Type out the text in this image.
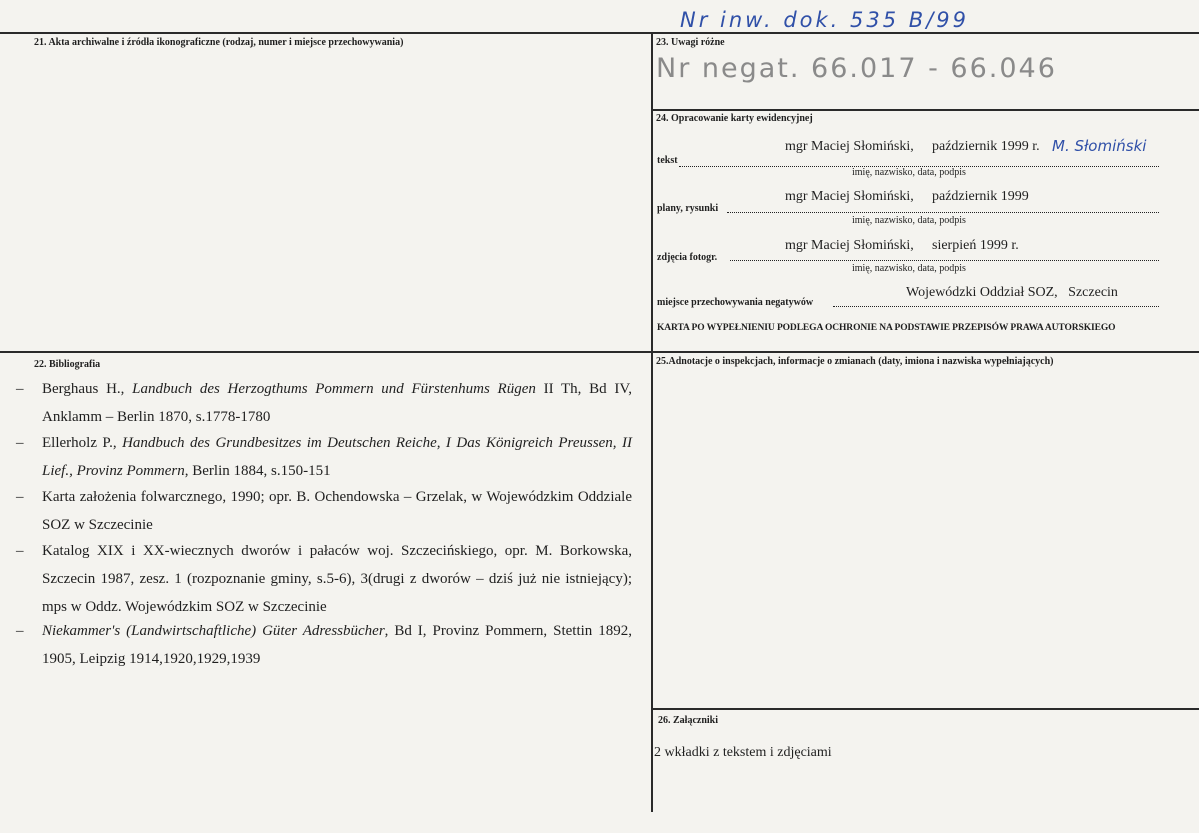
Nr inw. dok. 535 B/99
21. Akta archiwalne i źródła ikonograficzne (rodzaj, numer i miejsce przechowywania)	23. Uwagi różne
Nr negat. 66.017 - 66.046
24. Opracowanie karty ewidencyjnej
tekst
mgr Maciej Słomiński, październik 1999 r. M. Słomiński
imię, nazwisko, data, podpis
plany, rysunki
mgr Maciej Słomiński, październik 1999
imię, nazwisko, data, podpis
zdjęcia fotogr.
mgr Maciej Słomiński, sierpień 1999 r.
imię, nazwisko, data, podpis
miejsce przechowywania negatywów
Wojewódzki Oddział SOZ,   Szczecin
KARTA PO WYPEŁNIENIU PODLEGA OCHRONIE NA PODSTAWIE PRZEPISÓW PRAWA AUTORSKIEGO
22. Bibliografia
– Berghaus H., Landbuch des Herzogthums Pommern und Fürstenhums Rügen II Th, Bd IV, Anklamm – Berlin 1870, s.1778-1780
– Ellerholz P., Handbuch des Grundbesitzes im Deutschen Reiche, I Das Königreich Preussen, II Lief., Provinz Pommern, Berlin 1884, s.150-151
– Karta założenia folwarcznego, 1990; opr. B. Ochendowska – Grzelak, w Wojewódzkim Oddziale SOZ w Szczecinie
– Katalog XIX i XX-wiecznych dworów i pałaców woj. Szczecińskiego, opr. M. Borkowska, Szczecin 1987, zesz. 1 (rozpoznanie gminy, s.5-6), 3(drugi z dworów – dziś już nie istniejący); mps w Oddz. Wojewódzkim SOZ w Szczecinie
– Niekammer's (Landwirtschaftliche) Güter Adressbücher, Bd I, Provinz Pommern, Stettin 1892, 1905, Leipzig 1914,1920,1929,1939
25.Adnotacje o inspekcjach, informacje o zmianach (daty, imiona i nazwiska wypełniających)
26. Załączniki
2 wkładki z tekstem i zdjęciami
